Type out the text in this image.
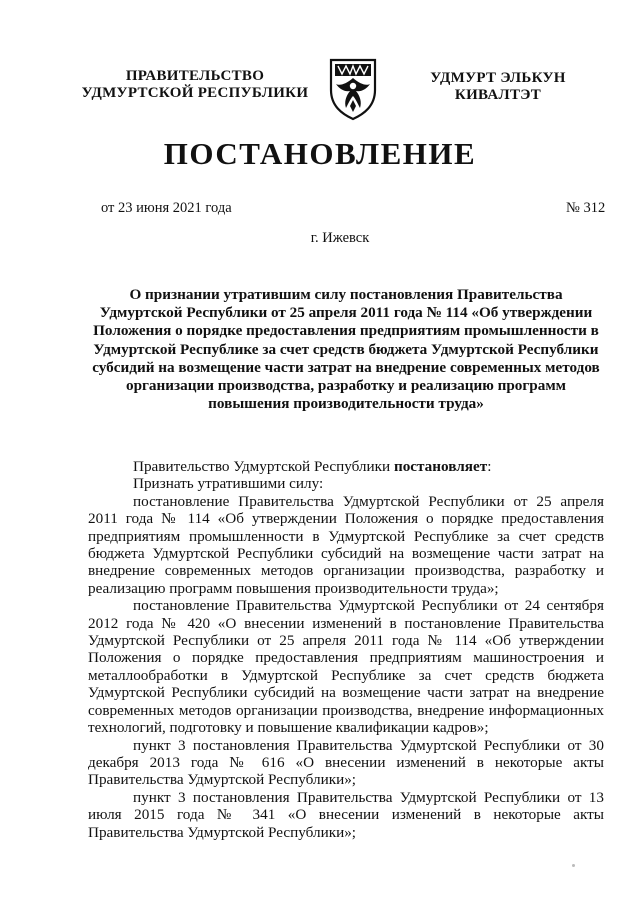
ПРАВИТЕЛЬСТВО
УДМУРТСКОЙ РЕСПУБЛИКИ
УДМУРТ ЭЛЬКУН
КИВАЛТЭТ
ПОСТАНОВЛЕНИЕ
от 23 июня 2021 года	№ 312
г. Ижевск
О признании утратившим силу постановления Правительства Удмуртской Республики от 25 апреля 2011 года № 114 «Об утверждении Положения о порядке предоставления предприятиям промышленности в Удмуртской Республике за счет средств бюджета Удмуртской Республики субсидий на возмещение части затрат на внедрение современных методов организации производства, разработку и реализацию программ повышения производительности труда»

Правительство Удмуртской Республики постановляет:

Признать утратившими силу:

постановление Правительства Удмуртской Республики от 25 апреля 2011 года № 114 «Об утверждении Положения о порядке предоставления предприятиям промышленности в Удмуртской Республике за счет средств бюджета Удмуртской Республики субсидий на возмещение части затрат на внедрение современных методов организации производства, разработку и реализацию программ повышения производительности труда»;

постановление Правительства Удмуртской Республики от 24 сентября 2012 года № 420 «О внесении изменений в постановление Правительства Удмуртской Республики от 25 апреля 2011 года № 114 «Об утверждении Положения о порядке предоставления предприятиям машиностроения и металлообработки в Удмуртской Республике за счет средств бюджета Удмуртской Республики субсидий на возмещение части затрат на внедрение современных методов организации производства, внедрение информационных технологий, подготовку и повышение квалификации кадров»;

пункт 3 постановления Правительства Удмуртской Республики от 30 декабря 2013 года № 616 «О внесении изменений в некоторые акты Правительства Удмуртской Республики»;

пункт 3 постановления Правительства Удмуртской Республики от 13 июля 2015 года № 341 «О внесении изменений в некоторые акты Правительства Удмуртской Республики»;
